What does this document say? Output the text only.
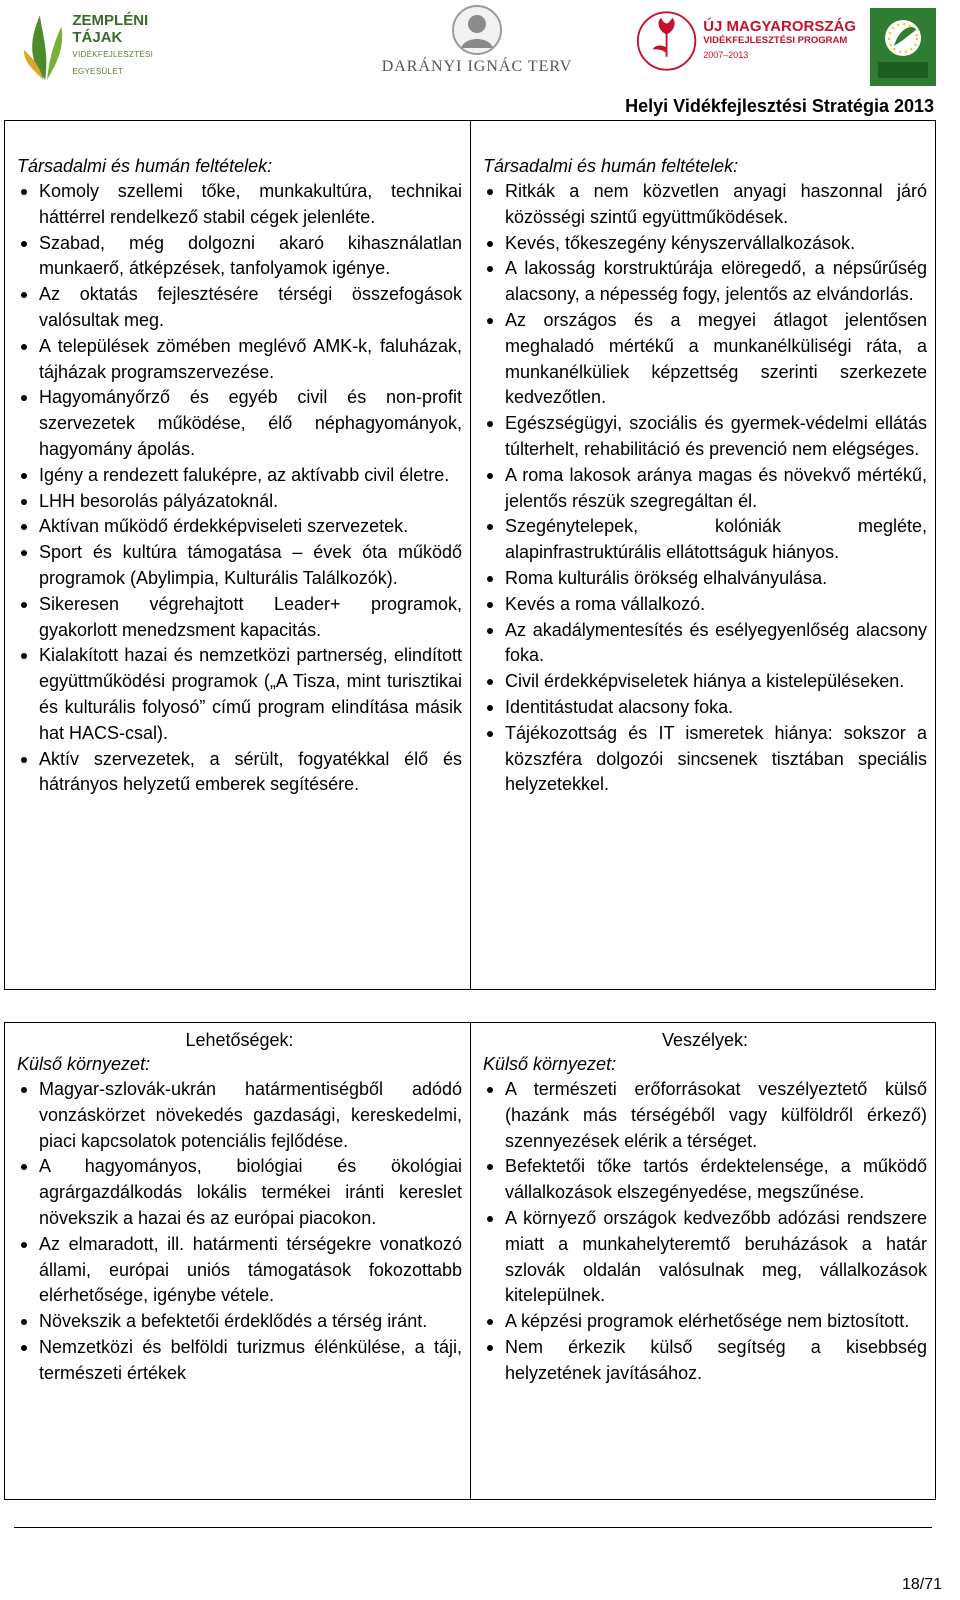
ZEMPLÉNI TÁJAK
VIDÉKFEJLESZTÉSI EGYESÜLET	DARÁNYI IGNÁC TERV
ÚJ MAGYARORSZÁG
VIDÉKFEJLESZTÉSI PROGRAM
2007–2013
Helyi Vidékfejlesztési Stratégia 2013
Társadalmi és humán feltételek:
Komoly szellemi tőke, munkakultúra, technikai háttérrel rendelkező stabil cégek jelenléte.
Szabad, még dolgozni akaró kihasználatlan munkaerő, átképzések, tanfolyamok igénye.
Az oktatás fejlesztésére térségi összefogások valósultak meg.
A települések zömében meglévő AMK-k, faluházak, tájházak programszervezése.
Hagyományőrző és egyéb civil és non-profit szervezetek működése, élő néphagyományok, hagyomány ápolás.
Igény a rendezett faluképre, az aktívabb civil életre.
LHH besorolás pályázatoknál.
Aktívan működő érdekképviseleti szervezetek.
Sport és kultúra támogatása – évek óta működő programok (Abylimpia, Kulturális Találkozók).
Sikeresen végrehajtott Leader+ programok, gyakorlott menedzsment kapacitás.
Kialakított hazai és nemzetközi partnerség, elindított együttműködési programok („A Tisza, mint turisztikai és kulturális folyosó” című program elindítása másik hat HACS-csal).
Aktív szervezetek, a sérült, fogyatékkal élő és hátrányos helyzetű emberek segítésére.
Társadalmi és humán feltételek:
Ritkák a nem közvetlen anyagi haszonnal járó közösségi szintű együttműködések.
Kevés, tőkeszegény kényszervállalkozások.
A lakosság korstruktúrája elöregedő, a népsűrűség alacsony, a népesség fogy, jelentős az elvándorlás.
Az országos és a megyei átlagot jelentősen meghaladó mértékű a munkanélküliségi ráta, a munkanélküliek képzettség szerinti szerkezete kedvezőtlen.
Egészségügyi, szociális és gyermek-védelmi ellátás túlterhelt, rehabilitáció és prevenció nem elégséges.
A roma lakosok aránya magas és növekvő mértékű, jelentős részük szegregáltan él.
Szegénytelepek, kolóniák megléte, alapinfrastruktúrális ellátottságuk hiányos.
Roma kulturális örökség elhalványulása.
Kevés a roma vállalkozó.
Az akadálymentesítés és esélyegyenlőség alacsony foka.
Civil érdekképviseletek hiánya a kistelepüléseken.
Identitástudat alacsony foka.
Tájékozottság és IT ismeretek hiánya: sokszor a közszféra dolgozói sincsenek tisztában speciális helyzetekkel.
Lehetőségek:
Külső környezet:
Magyar-szlovák-ukrán határmentiségből adódó vonzáskörzet növekedés gazdasági, kereskedelmi, piaci kapcsolatok potenciális fejlődése.
A hagyományos, biológiai és ökológiai agrárgazdálkodás lokális termékei iránti kereslet növekszik a hazai és az európai piacokon.
Az elmaradott, ill. határmenti térségekre vonatkozó állami, európai uniós támogatások fokozottabb elérhetősége, igénybe vétele.
Növekszik a befektetői érdeklődés a térség iránt.
Nemzetközi és belföldi turizmus élénkülése, a táji, természeti értékek
Veszélyek:
Külső környezet:
A természeti erőforrásokat veszélyeztető külső (hazánk más térségéből vagy külföldről érkező) szennyezések elérik a térséget.
Befektetői tőke tartós érdektelensége, a működő vállalkozások elszegényedése, megszűnése.
A környező országok kedvezőbb adózási rendszere miatt a munkahelyteremtő beruházások a határ szlovák oldalán valósulnak meg, vállalkozások kitelepülnek.
A képzési programok elérhetősége nem biztosított.
Nem érkezik külső segítség a kisebbség helyzetének javításához.
18/71
